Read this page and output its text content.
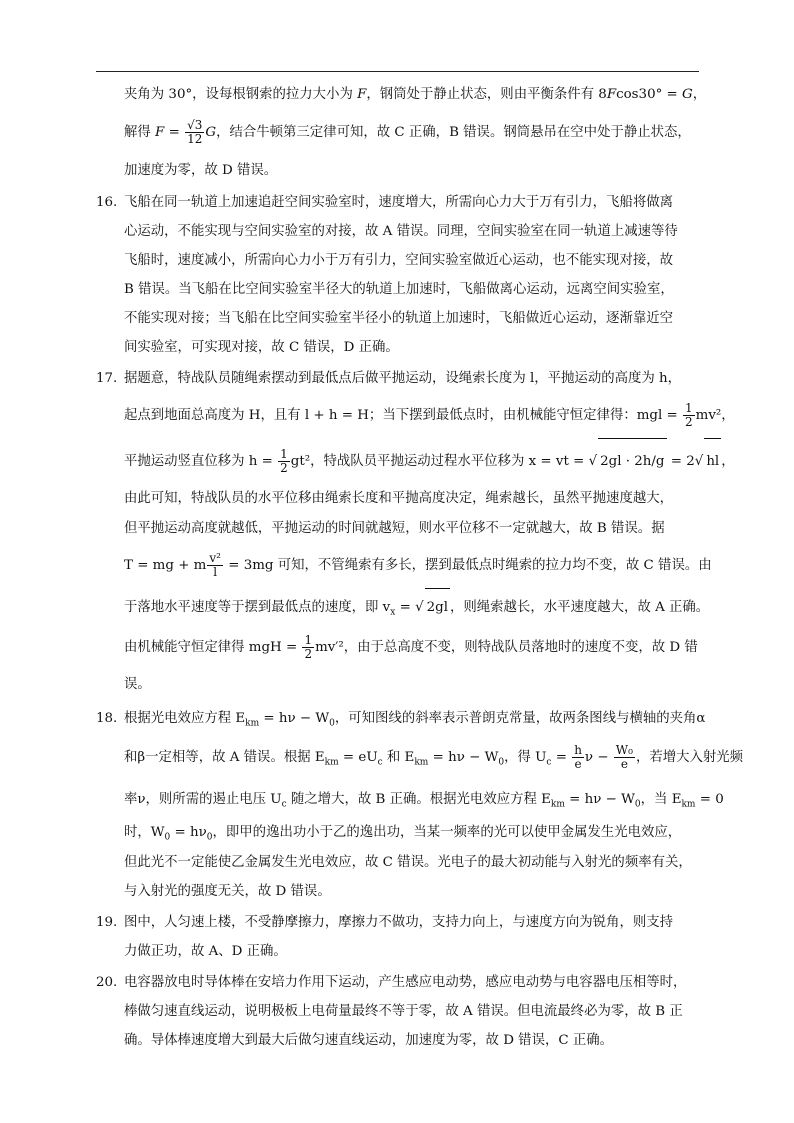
夹角为 30°，设每根钢索的拉力大小为 F，钢筒处于静止状态，则由平衡条件有 8Fcos30° = G，
解得 $F = \frac{√3}{12}$ G，结合牛顿第三定律可知，故 C 正确，B 错误。钢筒悬吊在空中处于静止状态，
加速度为零，故 D 错误。
16. 飞船在同一轨道上加速追赶空间实验室时，速度增大，所需向心力大于万有引力，飞船将做离
心运动，不能实现与空间实验室的对接，故 A 错误。同理，空间实验室在同一轨道上减速等待
飞船时，速度减小，所需向心力小于万有引力，空间实验室做近心运动，也不能实现对接，故
B 错误。当飞船在比空间实验室半径大的轨道上加速时，飞船做离心运动，远离空间实验室，
不能实现对接；当飞船在比空间实验室半径小的轨道上加速时，飞船做近心运动，逐渐靠近空
间实验室，可实现对接，故 C 错误，D 正确。
17. 据题意，特战队员随绳索摆动到最低点后做平抛运动，设绳索长度为 l，平抛运动的高度为 h，
起点到地面总高度为 H，且有 l + h = H；当下摆到最低点时，由机械能守恒定律得：mgl = $\frac{1}{2} mv^2$，
平抛运动竖直位移为 $h = \frac{1}{2} gt^2$，特战队员平抛运动过程水平位移为 x = vt = √ 2gl · 2h/g = 2√ hl ，
由此可知，特战队员的水平位移由绳索长度和平抛高度决定，绳索越长，虽然平抛速度越大，
但平抛运动高度就越低，平抛运动的时间就越短，则水平位移不一定就越大，故 B 错误。据
T = mg + m $\frac{\text{v²}}{l} = 3mg$ 可知，不管绳索有多长，摆到最低点时绳索的拉力均不变，故 C 错误。由
于落地水平速度等于摆到最低点的速度，即 $v_x$ = √ 2gl ，则绳索越长，水平速度越大，故 A 正确。
由机械能守恒定律得 mgH = $\frac{1}{2} mv'^2$，由于总高度不变，则特战队员落地时的速度不变，故 D 错
误。
18. 根据光电效应方程 $E_{km} = h\nu - W_0$，可知图线的斜率表示普朗克常量，故两条图线与横轴的夹角α
和β一定相等，故 A 错误。根据 $E_{km} = eU_c$ 和 $E_{km} = h\nu - W_0$，得 $U_c = \frac{h}{e}$ $\nu - \frac{\text{W₀}}{e}$ ，若增大入射光频
率ν，则所需的遏止电压 $U_c$ 随之增大，故 B 正确。根据光电效应方程 $E_{km} = h\nu - W_0$，当 $E_{km} = 0$
时，$W_0 = h\nu_0$，即甲的逸出功小于乙的逸出功，当某一频率的光可以使甲金属发生光电效应，
但此光不一定能使乙金属发生光电效应，故 C 错误。光电子的最大初动能与入射光的频率有关，
与入射光的强度无关，故 D 错误。
19. 图中，人匀速上楼，不受静摩擦力，摩擦力不做功，支持力向上，与速度方向为锐角，则支持
力做正功，故 A、D 正确。
20. 电容器放电时导体棒在安培力作用下运动，产生感应电动势，感应电动势与电容器电压相等时，
棒做匀速直线运动，说明极板上电荷量最终不等于零，故 A 错误。但电流最终必为零，故 B 正
确。导体棒速度增大到最大后做匀速直线运动，加速度为零，故 D 错误，C 正确。
